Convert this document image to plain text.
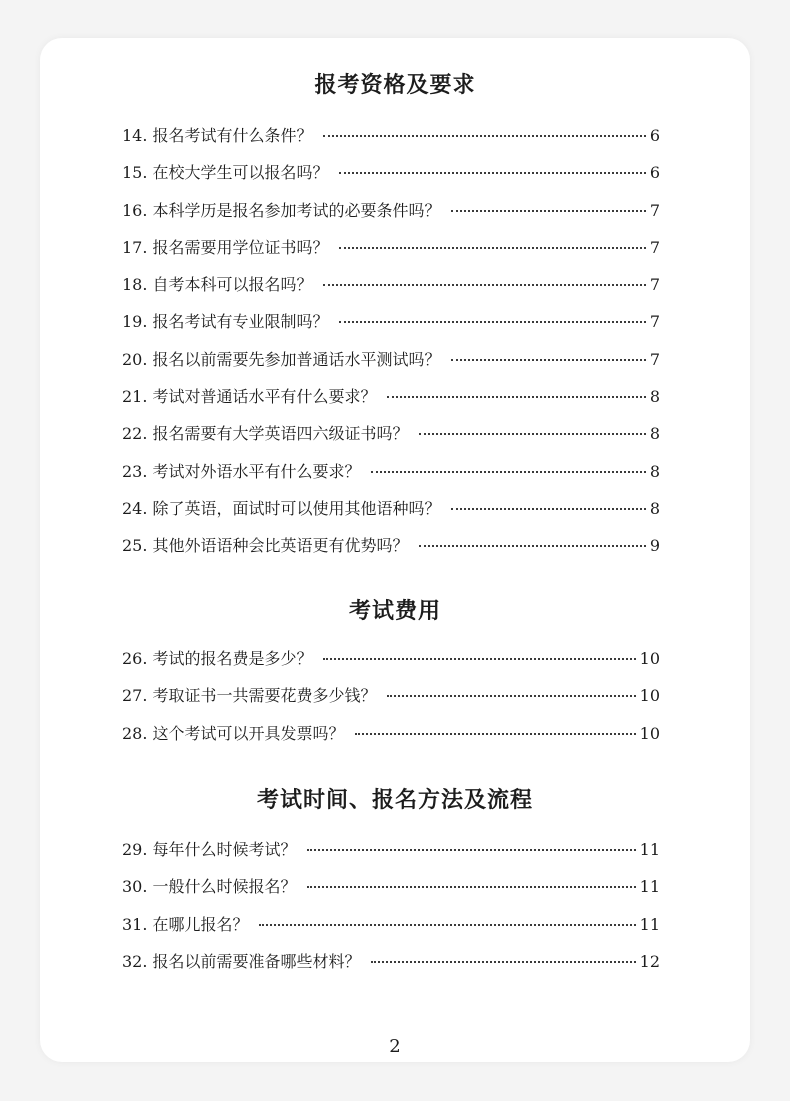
报考资格及要求
14. 报名考试有什么条件？	6
15. 在校大学生可以报名吗？	6
16. 本科学历是报名参加考试的必要条件吗？	7
17. 报名需要用学位证书吗？	7
18. 自考本科可以报名吗？	7
19. 报名考试有专业限制吗？	7
20. 报名以前需要先参加普通话水平测试吗？	7
21. 考试对普通话水平有什么要求？	8
22. 报名需要有大学英语四六级证书吗？	8
23. 考试对外语水平有什么要求？	8
24. 除了英语，面试时可以使用其他语种吗？	8
25. 其他外语语种会比英语更有优势吗？	9
考试费用
26. 考试的报名费是多少？	10
27. 考取证书一共需要花费多少钱？	10
28. 这个考试可以开具发票吗？	10
考试时间、报名方法及流程
29. 每年什么时候考试？	11
30. 一般什么时候报名？	11
31. 在哪儿报名？	11
32. 报名以前需要准备哪些材料？	12
2
